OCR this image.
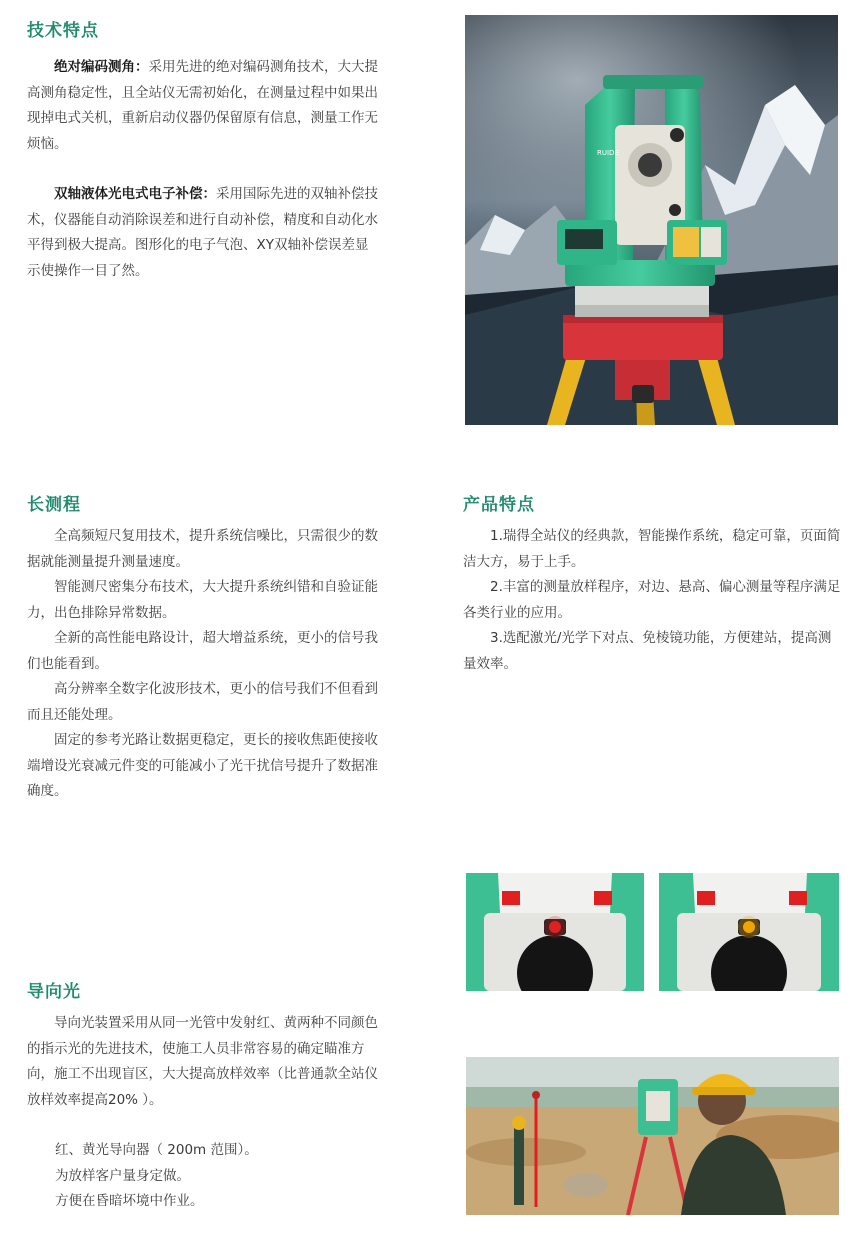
技术特点

绝对编码测角：采用先进的绝对编码测角技术，大大提高测角稳定性，且全站仪无需初始化，在测量过程中如果出现掉电式关机，重新启动仪器仍保留原有信息，测量工作无烦恼。

双轴液体光电式电子补偿：采用国际先进的双轴补偿技术，仪器能自动消除误差和进行自动补偿，精度和自动化水平得到极大提高。图形化的电子气泡、XY双轴补偿误差显示使操作一目了然。

RUIDE
长测程

全高频短尺复用技术，提升系统信噪比，只需很少的数据就能测量提升测量速度。

智能测尺密集分布技术，大大提升系统纠错和自验证能力，出色排除异常数据。

全新的高性能电路设计，超大增益系统，更小的信号我们也能看到。

高分辨率全数字化波形技术，更小的信号我们不但看到而且还能处理。

固定的参考光路让数据更稳定，更长的接收焦距使接收端增设光衰减元件变的可能减小了光干扰信号提升了数据准确度。

产品特点

1.瑞得全站仪的经典款，智能操作系统，稳定可靠，页面简洁大方，易于上手。

2.丰富的测量放样程序，对边、悬高、偏心测量等程序满足各类行业的应用。

3.选配激光/光学下对点、免棱镜功能，方便建站，提高测量效率。

导向光

导向光装置采用从同一光管中发射红、黄两种不同颜色的指示光的先进技术，使施工人员非常容易的确定瞄准方向，施工不出现盲区，大大提高放样效率（比普通款全站仪放样效率提高20% ）。

红、黄光导向器（ 200m 范围）。

为放样客户量身定做。

方便在昏暗坏境中作业。
